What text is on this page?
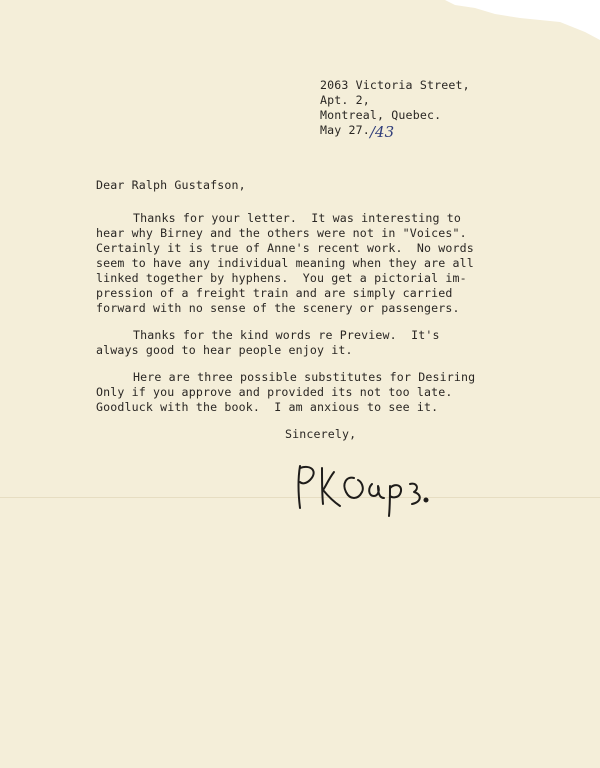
2063 Victoria Street,
Apt. 2,
Montreal, Quebec.
May 27. /43
Dear Ralph Gustafson,
Thanks for your letter.  It was interesting to
hear why Birney and the others were not in "Voices".
Certainly it is true of Anne's recent work.  No words
seem to have any individual meaning when they are all
linked together by hyphens.  You get a pictorial im-
pression of a freight train and are simply carried
forward with no sense of the scenery or passengers.
Thanks for the kind words re Preview.  It's
always good to hear people enjoy it.
Here are three possible substitutes for Desiring
Only if you approve and provided its not too late.
Goodluck with the book.  I am anxious to see it.
Sincerely,
